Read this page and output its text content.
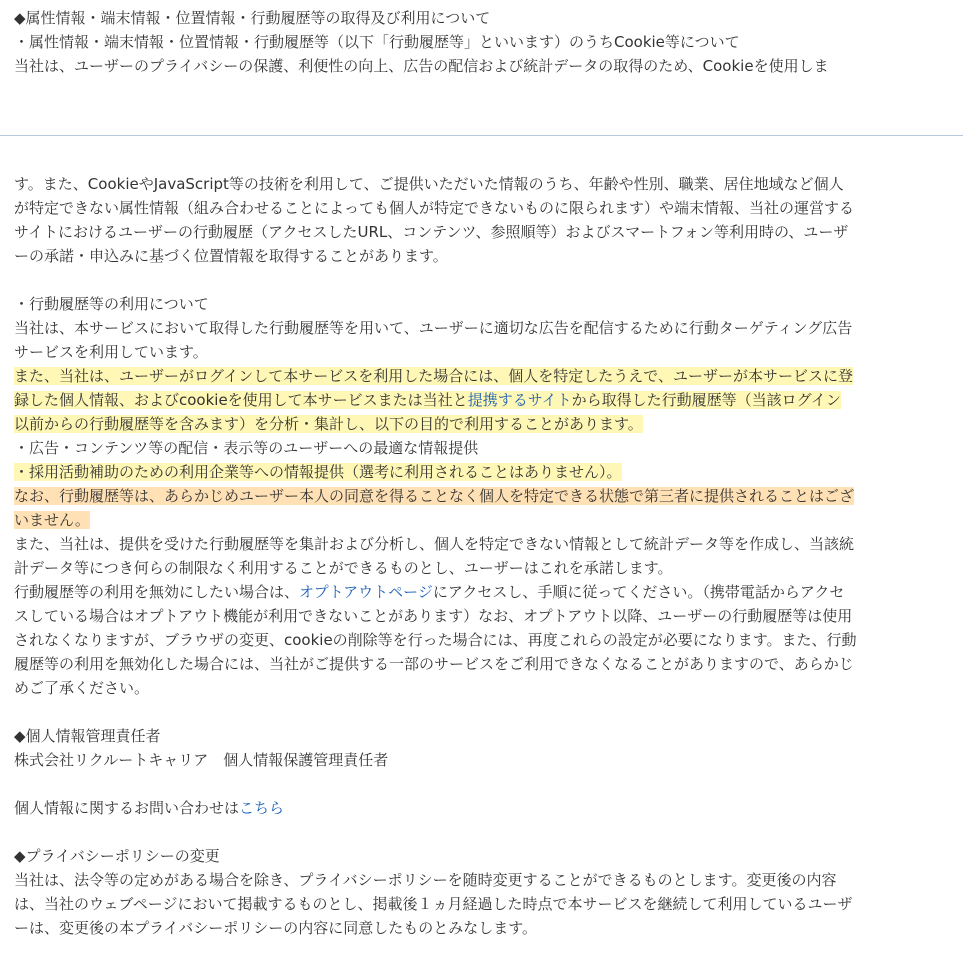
◆属性情報・端末情報・位置情報・行動履歴等の取得及び利用について
・属性情報・端末情報・位置情報・行動履歴等（以下「行動履歴等」といいます）のうちCookie等について
当社は、ユーザーのプライバシーの保護、利便性の向上、広告の配信および統計データの取得のため、Cookieを使用しま
す。また、CookieやJavaScript等の技術を利用して、ご提供いただいた情報のうち、年齢や性別、職業、居住地域など個人
が特定できない属性情報（組み合わせることによっても個人が特定できないものに限られます）や端末情報、当社の運営する
サイトにおけるユーザーの行動履歴（アクセスしたURL、コンテンツ、参照順等）およびスマートフォン等利用時の、ユーザ
ーの承諾・申込みに基づく位置情報を取得することがあります。
・行動履歴等の利用について
当社は、本サービスにおいて取得した行動履歴等を用いて、ユーザーに適切な広告を配信するために行動ターゲティング広告
サービスを利用しています。
また、当社は、ユーザーがログインして本サービスを利用した場合には、個人を特定したうえで、ユーザーが本サービスに登
録した個人情報、およびcookieを使用して本サービスまたは当社と提携するサイトから取得した行動履歴等（当該ログイン
以前からの行動履歴等を含みます）を分析・集計し、以下の目的で利用することがあります。
・広告・コンテンツ等の配信・表示等のユーザーへの最適な情報提供
・採用活動補助のための利用企業等への情報提供（選考に利用されることはありません）。
なお、行動履歴等は、あらかじめユーザー本人の同意を得ることなく個人を特定できる状態で第三者に提供されることはござ
いません。
また、当社は、提供を受けた行動履歴等を集計および分析し、個人を特定できない情報として統計データ等を作成し、当該統
計データ等につき何らの制限なく利用することができるものとし、ユーザーはこれを承諾します。
行動履歴等の利用を無効にしたい場合は、オプトアウトページにアクセスし、手順に従ってください。（携帯電話からアクセ
スしている場合はオプトアウト機能が利用できないことがあります）なお、オプトアウト以降、ユーザーの行動履歴等は使用
されなくなりますが、ブラウザの変更、cookieの削除等を行った場合には、再度これらの設定が必要になります。また、行動
履歴等の利用を無効化した場合には、当社がご提供する一部のサービスをご利用できなくなることがありますので、あらかじ
めご了承ください。
◆個人情報管理責任者
株式会社リクルートキャリア　個人情報保護管理責任者
個人情報に関するお問い合わせはこちら
◆プライバシーポリシーの変更
当社は、法令等の定めがある場合を除き、プライバシーポリシーを随時変更することができるものとします。変更後の内容
は、当社のウェブページにおいて掲載するものとし、掲載後１ヵ月経過した時点で本サービスを継続して利用しているユーザ
ーは、変更後の本プライバシーポリシーの内容に同意したものとみなします。
